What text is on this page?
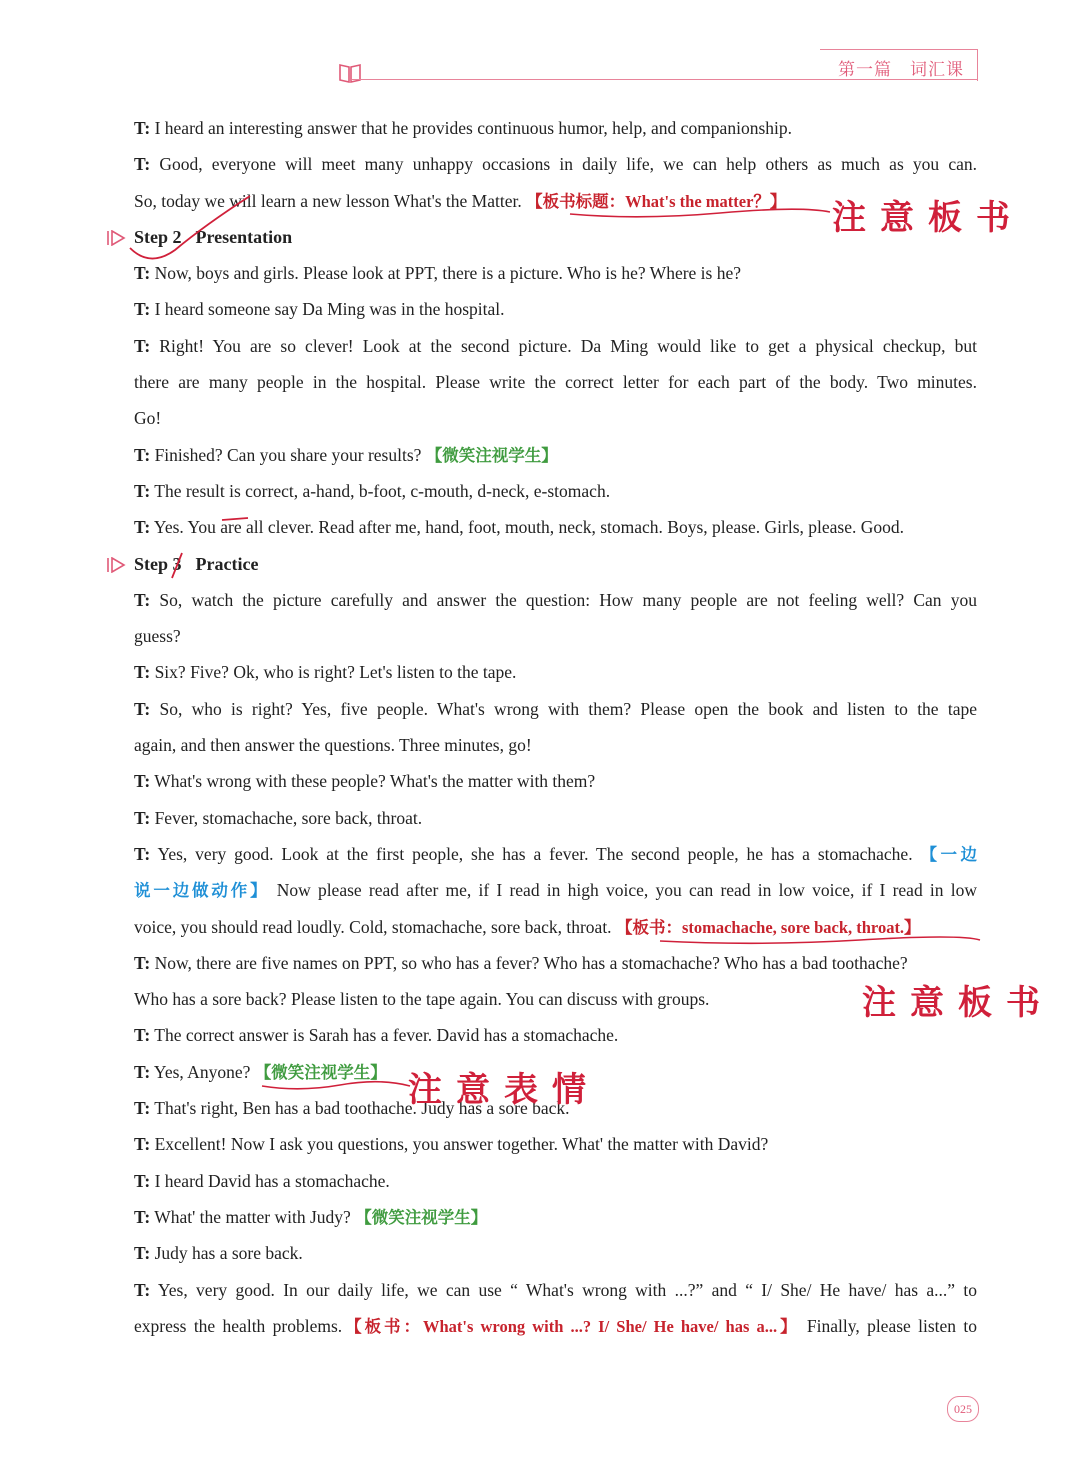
第一篇 词汇课
T: I heard an interesting answer that he provides continuous humor, help, and companionship.
T: Good, everyone will meet many unhappy occasions in daily life, we can help others as much as you can.
So, today we will learn a new lesson What's the Matter. 【板书标题：What's the matter？】
Step 2 Presentation
T: Now, boys and girls. Please look at PPT, there is a picture. Who is he? Where is he?
T: I heard someone say Da Ming was in the hospital.
T: Right! You are so clever! Look at the second picture. Da Ming would like to get a physical checkup, but
there are many people in the hospital. Please write the correct letter for each part of the body. Two minutes.
Go!
T: Finished? Can you share your results? 【微笑注视学生】
T: The result is correct, a-hand, b-foot, c-mouth, d-neck, e-stomach.
T: Yes. You are all clever. Read after me, hand, foot, mouth, neck, stomach. Boys, please. Girls, please. Good.
Step 3 Practice
T: So, watch the picture carefully and answer the question: How many people are not feeling well? Can you
guess?
T: Six? Five? Ok, who is right? Let's listen to the tape.
T: So, who is right? Yes, five people. What's wrong with them? Please open the book and listen to the tape
again, and then answer the questions. Three minutes, go!
T: What's wrong with these people? What's the matter with them?
T: Fever, stomachache, sore back, throat.
T: Yes, very good. Look at the first people, she has a fever. The second people, he has a stomachache. 【一边
说一边做动作】 Now please read after me, if I read in high voice, you can read in low voice, if I read in low
voice, you should read loudly. Cold, stomachache, sore back, throat. 【板书：stomachache, sore back, throat.】
T: Now, there are five names on PPT, so who has a fever? Who has a stomachache? Who has a bad toothache?
Who has a sore back? Please listen to the tape again. You can discuss with groups.
T: The correct answer is Sarah has a fever. David has a stomachache.
T: Yes, Anyone? 【微笑注视学生】
T: That's right, Ben has a bad toothache. Judy has a sore back.
T: Excellent! Now I ask you questions, you answer together. What' the matter with David?
T: I heard David has a stomachache.
T: What' the matter with Judy? 【微笑注视学生】
T: Judy has a sore back.
T: Yes, very good. In our daily life, we can use “ What's wrong with ...?” and “ I/ She/ He have/ has a...” to
express the health problems.【板书：What's wrong with ...? I/ She/ He have/ has a...】 Finally, please listen to
注意板书
注意板书
注意表情
025
